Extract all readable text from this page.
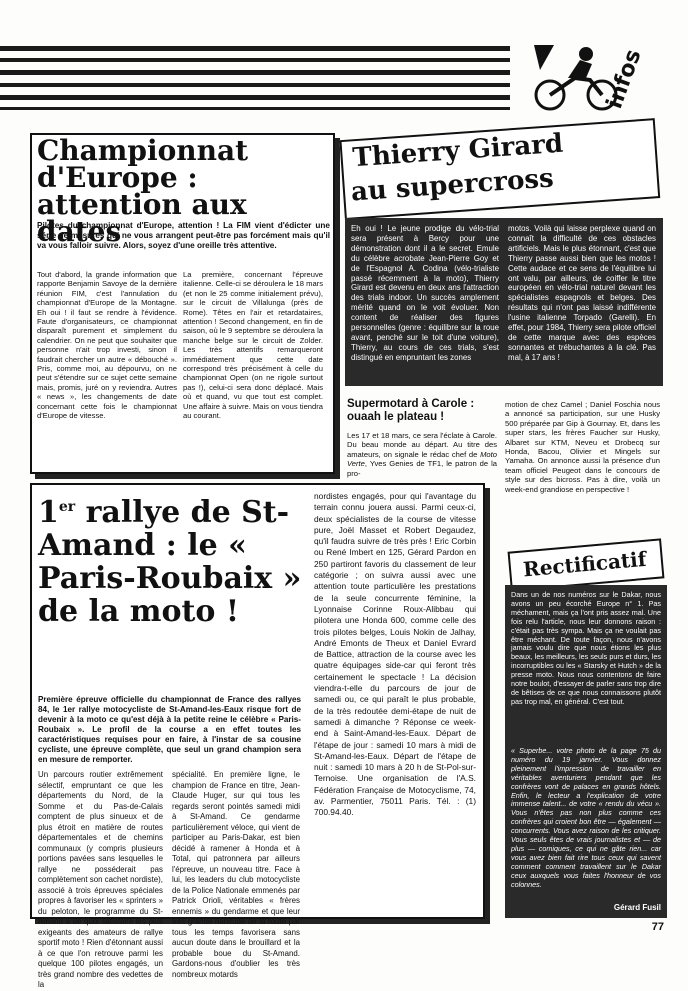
infos
Championnat d'Europe : attention aux dates
Pilotes du championnat d'Europe, attention ! La FIM vient d'édicter une série de mesures qui ne vous arrangent peut-être pas forcément mais qu'il va vous falloir suivre. Alors, soyez d'une oreille très attentive.
Tout d'abord, la grande information que rapporte Benjamin Savoye de la dernière réunion FIM, c'est l'annulation du championnat d'Europe de la Montagne. Eh oui ! il faut se rendre à l'évidence. Faute d'organisateurs, ce championnat disparaît purement et simplement du calendrier. On ne peut que souhaiter que personne n'ait trop investi, sinon il faudrait chercher un autre « débouché ». Pris, comme moi, au dépourvu, on ne peut s'étendre sur ce sujet cette semaine mais, promis, juré on y reviendra. Autres « news », les changements de date concernant cette fois le championnat d'Europe de vitesse.
La première, concernant l'épreuve italienne. Celle-ci se déroulera le 18 mars (et non le 25 comme initialement prévu), sur le circuit de Villalunga (près de Rome). Têtes en l'air et retardataires, attention ! Second changement, en fin de saison, où le 9 septembre se déroulera la manche belge sur le circuit de Zolder. Les très attentifs remarqueront immédiatement que cette date correspond très précisément à celle du championnat Open (on ne rigole surtout pas !), celui-ci sera donc déplacé. Mais où et quand, vu que tout est complet. Une affaire à suivre. Mais on vous tiendra au courant.
Thierry Girard
au supercross
Eh oui ! Le jeune prodige du vélo-trial sera présent à Bercy pour une démonstration dont il a le secret. Emule du célèbre acrobate Jean-Pierre Goy et de l'Espagnol A. Codina (vélo-trialiste passé récemment à la moto), Thierry Girard est devenu en deux ans l'attraction des trials indoor. Un succès amplement mérité quand on le voit évoluer. Non content de réaliser des figures personnelles (genre : équilibre sur la roue avant, penché sur le toit d'une voiture), Thierry, au cours de ces trials, s'est distingué en empruntant les zones
motos. Voilà qui laisse perplexe quand on connaît la difficulté de ces obstacles artificiels. Mais le plus étonnant, c'est que Thierry passe aussi bien que les motos ! Cette audace et ce sens de l'équilibre lui ont valu, par ailleurs, de coiffer le titre européen en vélo-trial naturel devant les spécialistes espagnols et belges. Des résultats qui n'ont pas laissé indifférente l'usine italienne Torpado (Garelli). En effet, pour 1984, Thierry sera pilote officiel de cette marque avec des espèces sonnantes et trébuchantes à la clé. Pas mal, à 17 ans !
Supermotard à Carole : ouaah le plateau !
Les 17 et 18 mars, ce sera l'éclate à Carole. Du beau monde au départ. Au titre des amateurs, on signale le rédac chef de Moto Verte, Yves Genies de TF1, le patron de la pro-
motion de chez Camel ; Daniel Foschia nous a annoncé sa participation, sur une Husky 500 préparée par Gip à Gournay. Et, dans les super stars, les frères Faucher sur Husky, Albaret sur KTM, Neveu et Drobecq sur Honda, Bacou, Olivier et Mingels sur Yamaha. On annonce aussi la présence d'un team officiel Peugeot dans le concours de style sur des bicross. Pas à dire, voilà un week-end grandiose en perspective !
1er rallye de St-Amand : le « Paris-Roubaix » de la moto !
Première épreuve officielle du championnat de France des rallyes 84, le 1er rallye motocycliste de St-Amand-les-Eaux risque fort de devenir à la moto ce qu'est déjà à la petite reine le célèbre « Paris-Roubaix ». Le profil de la course a en effet toutes les caractéristiques requises pour en faire, à l'instar de sa cousine cycliste, une épreuve complète, que seul un grand champion sera en mesure de remporter.
Un parcours routier extrêmement sélectif, empruntant ce que les départements du Nord, de la Somme et du Pas-de-Calais comptent de plus sinueux et de plus étroit en matière de routes départementales et de chemins communaux (y compris plusieurs portions pavées sans lesquelles le rallye ne posséderait pas complètement son cachet nordiste), associé à trois épreuves spéciales propres à favoriser les « sprinters » du peloton, le programme du St-Amand a de quoi satisfaire les plus exigeants des amateurs de rallye sportif moto ! Rien d'étonnant aussi à ce que l'on retrouve parmi les quelque 100 pilotes engagés, un très grand nombre des vedettes de la
spécialité. En première ligne, le champion de France en titre, Jean-Claude Huger, sur qui tous les regards seront pointés samedi midi à St-Amand. Ce gendarme particulièrement véloce, qui vient de participer au Paris-Dakar, est bien décidé à ramener à Honda et à Total, qui patronnera par ailleurs l'épreuve, un nouveau titre. Face à lui, les leaders du club motocycliste de la Police Nationale emmenés par Patrick Orioli, véritables « frères ennemis » du gendarme et que leur très grande habitude de la route par tous les temps favorisera sans aucun doute dans le brouillard et la probable boue du St-Amand. Gardons-nous d'oublier les très nombreux motards
nordistes engagés, pour qui l'avantage du terrain connu jouera aussi. Parmi ceux-ci, deux spécialistes de la course de vitesse pure, Joël Masset et Robert Degaudez, qu'il faudra suivre de très près ! Eric Corbin ou René Imbert en 125, Gérard Pardon en 250 partiront favoris du classement de leur catégorie ; on suivra aussi avec une attention toute particulière les prestations de la seule concurrente féminine, la Lyonnaise Corinne Roux-Alibbau qui pilotera une Honda 600, comme celle des trois pilotes belges, Louis Nokin de Jalhay, André Emonts de Theux et Daniel Evrard de Battice, attraction de la course avec les quatre équipages side-car qui feront très certainement le spectacle ! La décision viendra-t-elle du parcours de jour de samedi ou, ce qui paraît le plus probable, de la très redoutée demi-étape de nuit de samedi à dimanche ? Réponse ce week-end à Saint-Amand-les-Eaux. Départ de l'étape de jour : samedi 10 mars à midi de St-Amand-les-Eaux. Départ de l'étape de nuit : samedi 10 mars à 20 h de St-Pol-sur-Ternoise. Une organisation de l'A.S. Fédération Française de Motocyclisme, 74, av. Parmentier, 75011 Paris. Tél. : (1) 700.94.40.
Rectificatif
Dans un de nos numéros sur le Dakar, nous avons un peu écorché Europe n° 1. Pas méchament, mais ça l'ont pris assez mal. Une fois relu l'article, nous leur donnons raison : c'était pas très sympa. Mais ça ne voulait pas être méchant. De toute façon, nous n'avons jamais voulu dire que nous étions les plus beaux, les meilleurs, les seuls purs et durs, les incorruptibles ou les « Starsky et Hutch » de la presse moto. Nous nous contentons de faire notre boulot, d'essayer de parler sans trop dire de bêtises de ce que nous connaissons plutôt pas trop mal, en général. C'est tout.
« Superbe... votre photo de la page 75 du numéro du 19 janvier. Vous donnez pleinement l'impression de travailler en véritables aventuriers pendant que les confrères vont de palaces en grands hôtels. Enfin, le lecteur a l'explication de votre immense talent... de votre « rendu du vécu ». Vous n'êtes pas non plus comme ces confrères qui croient bon être — également — concurrents. Vous avez raison de les critiquer. Vous seuls êtes de vrais journalistes et — de plus — comiques, ce qui ne gâte rien... car vous avez bien fait rire tous ceux qui savent comment comment travaillent sur le Dakar ceux auxquels vous faites l'honneur de vos colonnes.
Gérard Fusil
77
